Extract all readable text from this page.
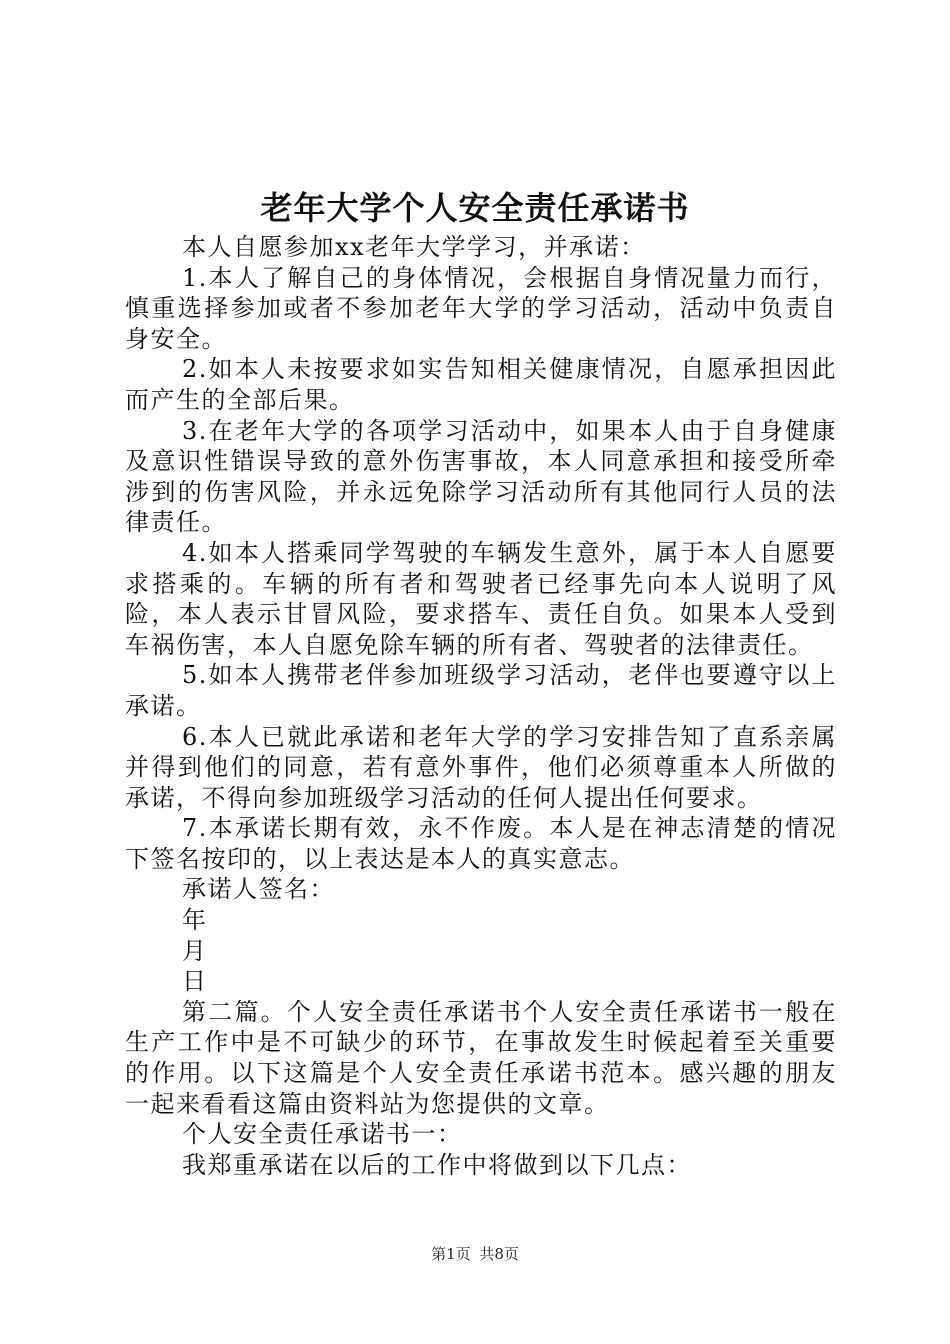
老年大学个人安全责任承诺书

本人自愿参加xx老年大学学习，并承诺：

1.本人了解自己的身体情况，会根据自身情况量力而行，慎重选择参加或者不参加老年大学的学习活动，活动中负责自身安全。

2.如本人未按要求如实告知相关健康情况，自愿承担因此而产生的全部后果。

3.在老年大学的各项学习活动中，如果本人由于自身健康及意识性错误导致的意外伤害事故，本人同意承担和接受所牵涉到的伤害风险，并永远免除学习活动所有其他同行人员的法律责任。

4.如本人搭乘同学驾驶的车辆发生意外，属于本人自愿要求搭乘的。车辆的所有者和驾驶者已经事先向本人说明了风险，本人表示甘冒风险，要求搭车、责任自负。如果本人受到车祸伤害，本人自愿免除车辆的所有者、驾驶者的法律责任。

5.如本人携带老伴参加班级学习活动，老伴也要遵守以上承诺。

6.本人已就此承诺和老年大学的学习安排告知了直系亲属并得到他们的同意，若有意外事件，他们必须尊重本人所做的承诺，不得向参加班级学习活动的任何人提出任何要求。

7.本承诺长期有效，永不作废。本人是在神志清楚的情况下签名按印的，以上表达是本人的真实意志。

承诺人签名：

年

月

日

第二篇。个人安全责任承诺书个人安全责任承诺书一般在生产工作中是不可缺少的环节，在事故发生时候起着至关重要的作用。以下这篇是个人安全责任承诺书范本。感兴趣的朋友一起来看看这篇由资料站为您提供的文章。

个人安全责任承诺书一：

我郑重承诺在以后的工作中将做到以下几点：

第1页 共8页
